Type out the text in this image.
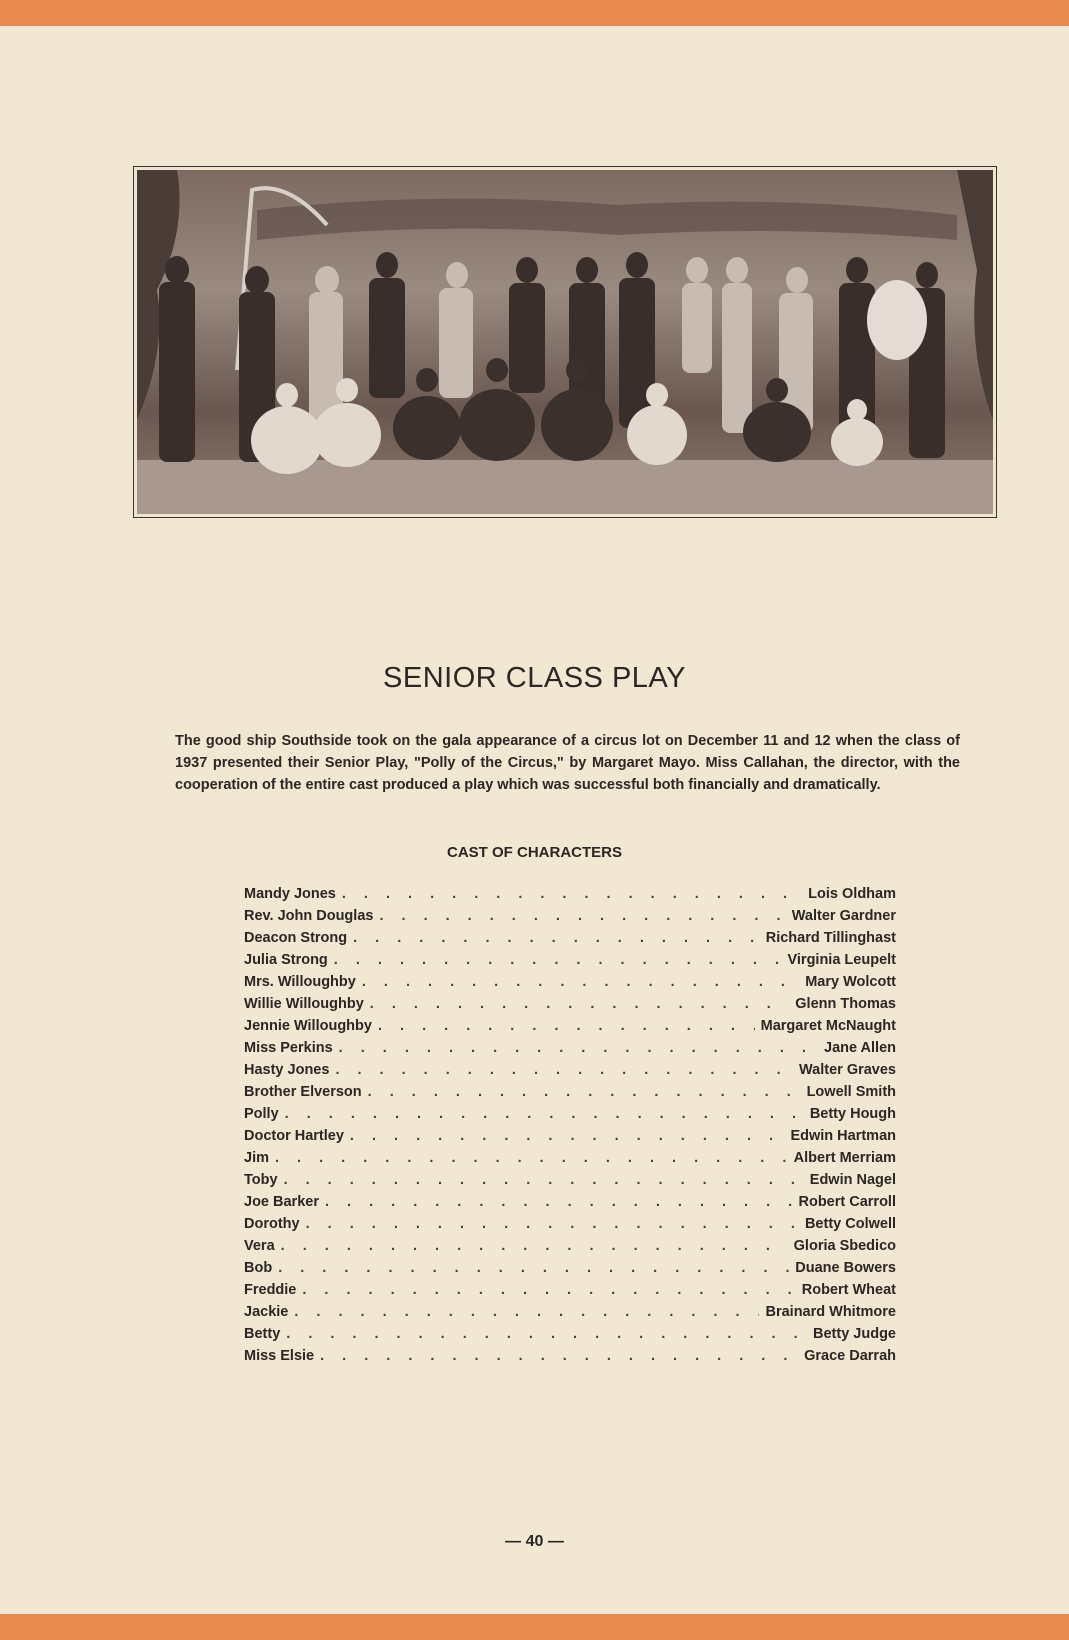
SENIOR CLASS PLAY
The good ship Southside took on the gala appearance of a circus lot on December 11 and 12 when the class of 1937 presented their Senior Play, "Polly of the Circus," by Margaret Mayo. Miss Callahan, the director, with the cooperation of the entire cast produced a play which was successful both financially and dramatically.
CAST OF CHARACTERS
Mandy Jones . . .	Lois Oldham
Rev. John Douglas . . .	Walter Gardner
Deacon Strong . . .	Richard Tillinghast
Julia Strong . . .	Virginia Leupelt
Mrs. Willoughby . . .	Mary Wolcott
Willie Willoughby . . .	Glenn Thomas
Jennie Willoughby . . .	Margaret McNaught
Miss Perkins . . .	Jane Allen
Hasty Jones . . .	Walter Graves
Brother Elverson . . .	Lowell Smith
Polly . . .	Betty Hough
Doctor Hartley . . .	Edwin Hartman
Jim . . .	Albert Merriam
Toby . . .	Edwin Nagel
Joe Barker . . .	Robert Carroll
Dorothy . . .	Betty Colwell
Vera . . .	Gloria Sbedico
Bob . . .	Duane Bowers
Freddie . . .	Robert Wheat
Jackie . . .	Brainard Whitmore
Betty . . .	Betty Judge
Miss Elsie . . .	Grace Darrah
— 40 —
